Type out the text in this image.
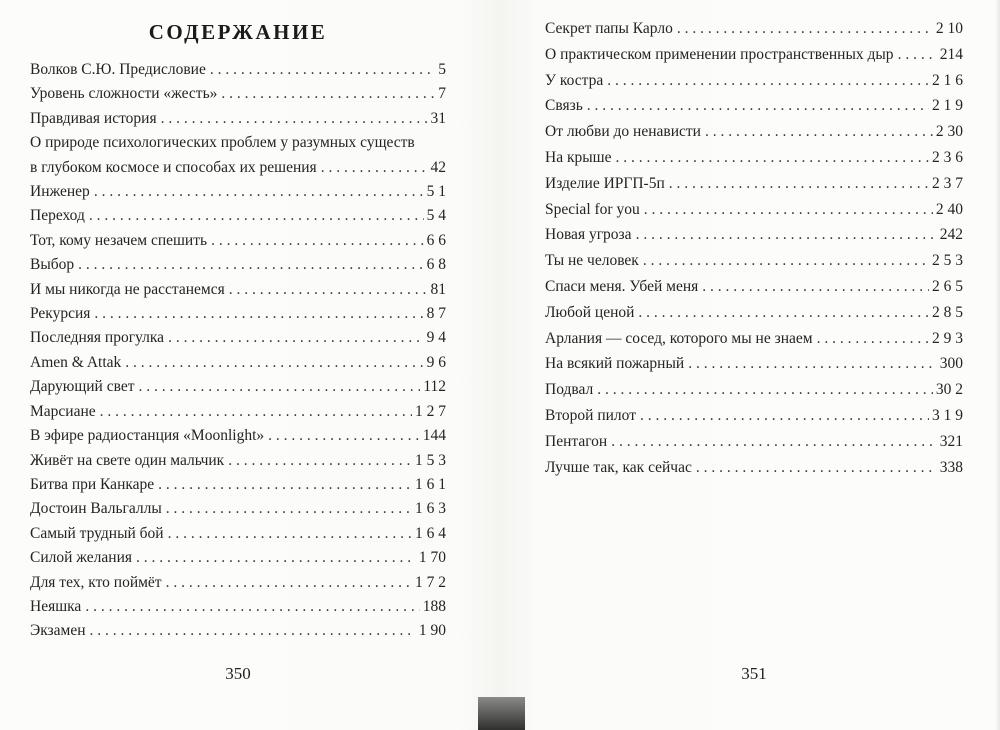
СОДЕРЖАНИЕ
Волков С.Ю. Предисловие . . .	5
Уровень сложности «жесть» . . .	7
Правдивая история . . .	31
О природе психологических проблем у разумных существ
в глубоком космосе и способах их решения . . .	42
Инженер . . .	5 1
Переход . . .	5 4
Тот, кому незачем спешить . . .	6 6
Выбор . . .	6 8
И мы никогда не расстанемся . . .	81
Рекурсия . . .	8 7
Последняя прогулка . . .	9 4
Amen & Attak . . .	9 6
Дарующий свет . . .	112
Марсиане . . .	1 2 7
В эфире радиостанция «Moonlight» . . .	144
Живёт на свете один мальчик . . .	1 5 3
Битва при Канкаре . . .	1 6 1
Достоин Вальгаллы . . .	1 6 3
Самый трудный бой . . .	1 6 4
Силой желания . . .	1 70
Для тех, кто поймёт . . .	1 7 2
Неяшка . . .	188
Экзамен . . .	1 90
350
Секрет папы Карло . . .	2 10
О практическом применении пространственных дыр . . .	214
У костра . . .	2 1 6
Связь . . .	2 1 9
От любви до ненависти . . .	2 30
На крыше . . .	2 3 6
Изделие ИРГП-5п . . .	2 3 7
Special for you . . .	2 40
Новая угроза . . .	242
Ты не человек . . .	2 5 3
Спаси меня. Убей меня . . .	2 6 5
Любой ценой . . .	2 8 5
Арлания — сосед, которого мы не знаем . . .	2 9 3
На всякий пожарный . . .	300
Подвал . . .	30 2
Второй пилот . . .	3 1 9
Пентагон . . .	321
Лучше так, как сейчас . . .	338
351
